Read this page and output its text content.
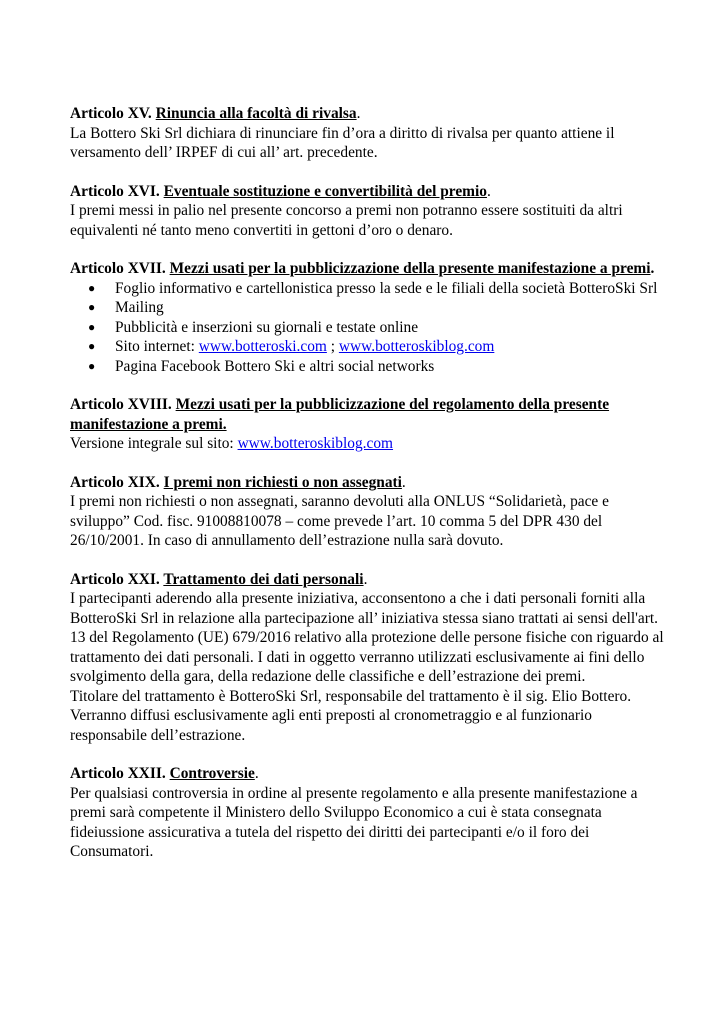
Articolo XV. Rinuncia alla facoltà di rivalsa.

La Bottero Ski Srl dichiara di rinunciare fin d’ora a diritto di rivalsa per quanto attiene il versamento dell’ IRPEF di cui all’ art. precedente.

Articolo XVI. Eventuale sostituzione e convertibilità del premio.

I premi messi in palio nel presente concorso a premi non potranno essere sostituiti da altri equivalenti né tanto meno convertiti in gettoni d’oro o denaro.

Articolo XVII. Mezzi usati per la pubblicizzazione della presente manifestazione a premi.

● Foglio informativo e cartellonistica presso la sede e le filiali della società BotteroSki Srl
● Mailing
● Pubblicità e inserzioni su giornali e testate online
● Sito internet: www.botteroski.com ; www.botteroskiblog.com
● Pagina Facebook Bottero Ski e altri social networks

Articolo XVIII. Mezzi usati per la pubblicizzazione del regolamento della presente manifestazione a premi.

Versione integrale sul sito: www.botteroskiblog.com

Articolo XIX. I premi non richiesti o non assegnati.

I premi non richiesti o non assegnati, saranno devoluti alla ONLUS “Solidarietà, pace e sviluppo” Cod. fisc. 91008810078 – come prevede l’art. 10 comma 5 del DPR 430 del 26/10/2001. In caso di annullamento dell’estrazione nulla sarà dovuto.

Articolo XXI. Trattamento dei dati personali.

I partecipanti aderendo alla presente iniziativa, acconsentono a che i dati personali forniti alla BotteroSki Srl in relazione alla partecipazione all’ iniziativa stessa siano trattati ai sensi dell'art. 13 del Regolamento (UE) 679/2016 relativo alla protezione delle persone fisiche con riguardo al trattamento dei dati personali. I dati in oggetto verranno utilizzati esclusivamente ai fini dello svolgimento della gara, della redazione delle classifiche e dell’estrazione dei premi.

Titolare del trattamento è BotteroSki Srl, responsabile del trattamento è il sig. Elio Bottero. Verranno diffusi esclusivamente agli enti preposti al cronometraggio e al funzionario responsabile dell’estrazione.

Articolo XXII. Controversie.

Per qualsiasi controversia in ordine al presente regolamento e alla presente manifestazione a premi sarà competente il Ministero dello Sviluppo Economico a cui è stata consegnata fideiussione assicurativa a tutela del rispetto dei diritti dei partecipanti e/o il foro dei Consumatori.
